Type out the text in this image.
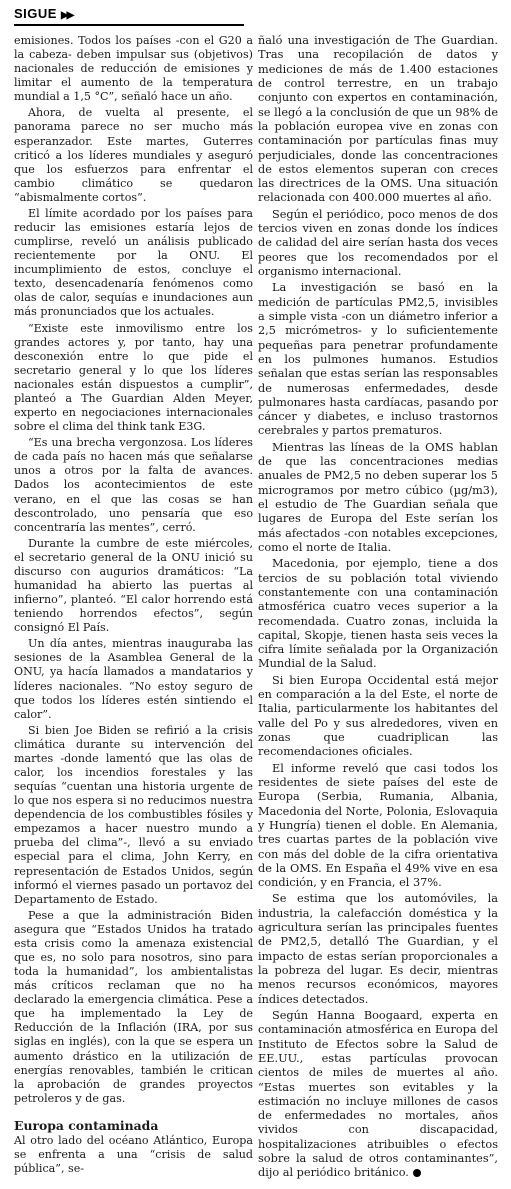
SIGUE ▶▶

emisiones. Todos los países -con el G20 a la cabeza- deben impulsar sus (objetivos) nacionales de reducción de emisiones y limitar el aumento de la temperatura mundial a 1,5 °C”, señaló hace un año.

Ahora, de vuelta al presente, el panorama parece no ser mucho más esperanzador. Este martes, Guterres criticó a los líderes mundiales y aseguró que los esfuerzos para enfrentar el cambio climático se quedaron “abismalmente cortos”.

El límite acordado por los países para reducir las emisiones estaría lejos de cumplirse, reveló un análisis publicado recientemente por la ONU. El incumplimiento de estos, concluye el texto, desencadenaría fenómenos como olas de calor, sequías e inundaciones aun más pronunciados que los actuales.

“Existe este inmovilismo entre los grandes actores y, por tanto, hay una desconexión entre lo que pide el secretario general y lo que los líderes nacionales están dispuestos a cumplir”, planteó a The Guardian Alden Meyer, experto en negociaciones internacionales sobre el clima del think tank E3G.

“Es una brecha vergonzosa. Los líderes de cada país no hacen más que señalarse unos a otros por la falta de avances. Dados los acontecimientos de este verano, en el que las cosas se han descontrolado, uno pensaría que eso concentraría las mentes”, cerró.

Durante la cumbre de este miércoles, el secretario general de la ONU inició su discurso con augurios dramáticos: “La humanidad ha abierto las puertas al infierno”, planteó. “El calor horrendo está teniendo horrendos efectos”, según consignó El País.

Un día antes, mientras inauguraba las sesiones de la Asamblea General de la ONU, ya hacía llamados a mandatarios y líderes nacionales. “No estoy seguro de que todos los líderes estén sintiendo el calor”.

Si bien Joe Biden se refirió a la crisis climática durante su intervención del martes -donde lamentó que las olas de calor, los incendios forestales y las sequías “cuentan una historia urgente de lo que nos espera si no reducimos nuestra dependencia de los combustibles fósiles y empezamos a hacer nuestro mundo a prueba del clima”-, llevó a su enviado especial para el clima, John Kerry, en representación de Estados Unidos, según informó el viernes pasado un portavoz del Departamento de Estado.

Pese a que la administración Biden asegura que “Estados Unidos ha tratado esta crisis como la amenaza existencial que es, no solo para nosotros, sino para toda la humanidad”, los ambientalistas más críticos reclaman que no ha declarado la emergencia climática. Pese a que ha implementado la Ley de Reducción de la Inflación (IRA, por sus siglas en inglés), con la que se espera un aumento drástico en la utilización de energías renovables, también le critican la aprobación de grandes proyectos petroleros y de gas.

Europa contaminada

Al otro lado del océano Atlántico, Europa se enfrenta a una “crisis de salud pública”, se-

ñaló una investigación de The Guardian. Tras una recopilación de datos y mediciones de más de 1.400 estaciones de control terrestre, en un trabajo conjunto con expertos en contaminación, se llegó a la conclusión de que un 98% de la población europea vive en zonas con contaminación por partículas finas muy perjudiciales, donde las concentraciones de estos elementos superan con creces las directrices de la OMS. Una situación relacionada con 400.000 muertes al año.

Según el periódico, poco menos de dos tercios viven en zonas donde los índices de calidad del aire serían hasta dos veces peores que los recomendados por el organismo internacional.

La investigación se basó en la medición de partículas PM2,5, invisibles a simple vista -con un diámetro inferior a 2,5 micrómetros- y lo suficientemente pequeñas para penetrar profundamente en los pulmones humanos. Estudios señalan que estas serían las responsables de numerosas enfermedades, desde pulmonares hasta cardíacas, pasando por cáncer y diabetes, e incluso trastornos cerebrales y partos prematuros.

Mientras las líneas de la OMS hablan de que las concentraciones medias anuales de PM2,5 no deben superar los 5 microgramos por metro cúbico (µg/m3), el estudio de The Guardian señala que lugares de Europa del Este serían los más afectados -con notables excepciones, como el norte de Italia.

Macedonia, por ejemplo, tiene a dos tercios de su población total viviendo constantemente con una contaminación atmosférica cuatro veces superior a la recomendada. Cuatro zonas, incluida la capital, Skopje, tienen hasta seis veces la cifra límite señalada por la Organización Mundial de la Salud.

Si bien Europa Occidental está mejor en comparación a la del Este, el norte de Italia, particularmente los habitantes del valle del Po y sus alrededores, viven en zonas que cuadriplican las recomendaciones oficiales.

El informe reveló que casi todos los residentes de siete países del este de Europa (Serbia, Rumania, Albania, Macedonia del Norte, Polonia, Eslovaquia y Hungría) tienen el doble. En Alemania, tres cuartas partes de la población vive con más del doble de la cifra orientativa de la OMS. En España el 49% vive en esa condición, y en Francia, el 37%.

Se estima que los automóviles, la industria, la calefacción doméstica y la agricultura serían las principales fuentes de PM2,5, detalló The Guardian, y el impacto de estas serían proporcionales a la pobreza del lugar. Es decir, mientras menos recursos económicos, mayores índices detectados.

Según Hanna Boogaard, experta en contaminación atmosférica en Europa del Instituto de Efectos sobre la Salud de EE.UU., estas partículas provocan cientos de miles de muertes al año. “Estas muertes son evitables y la estimación no incluye millones de casos de enfermedades no mortales, años vividos con discapacidad, hospitalizaciones atribuibles o efectos sobre la salud de otros contaminantes”, dijo al periódico británico.
